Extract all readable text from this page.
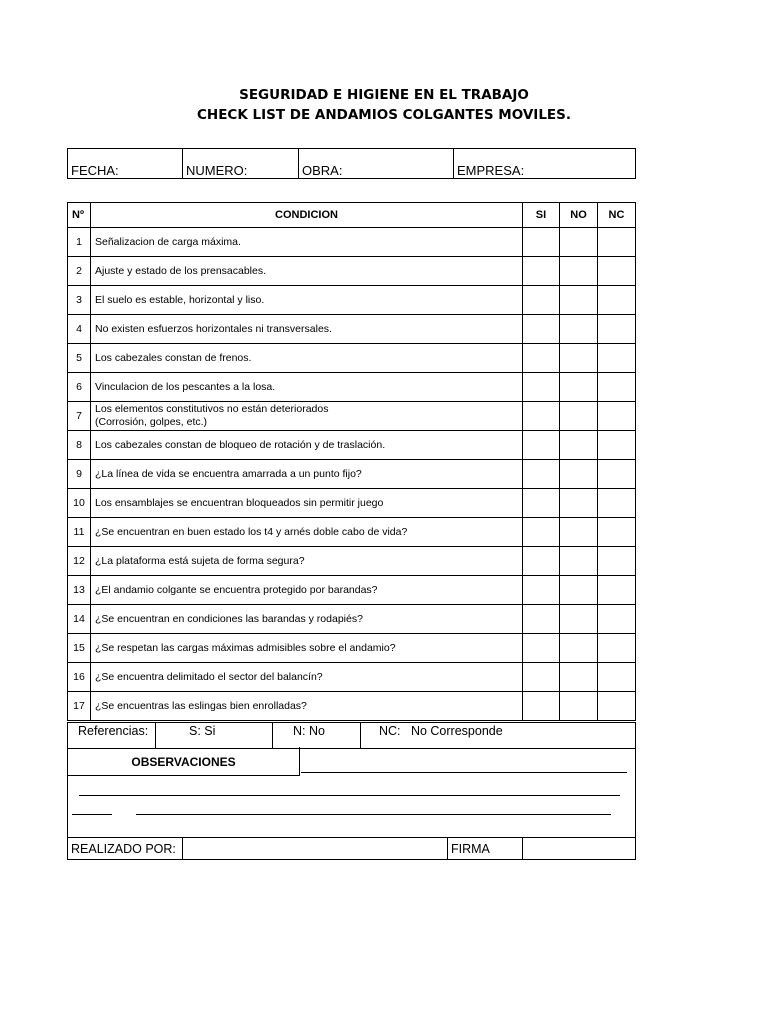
SEGURIDAD E HIGIENE EN EL TRABAJO
CHECK LIST DE ANDAMIOS COLGANTES MOVILES.
FECHA:	NUMERO:	OBRA:	EMPRESA:
Nº	CONDICION	SI	NO	NC
1	Señalizacion de carga máxima.			

2	Ajuste y estado de los prensacables.			

3	El suelo es estable, horizontal y liso.			

4	No existen esfuerzos horizontales ni transversales.			

5	Los cabezales constan de frenos.			

6	Vinculacion de los pescantes a la losa.			

7	Los elementos constitutivos no están deteriorados
(Corrosión, golpes, etc.)			

8	Los cabezales constan de bloqueo de rotación y de traslación.			

9	¿La línea de vida se encuentra amarrada a un punto fijo?			

10	Los ensamblajes se encuentran bloqueados sin permitir juego			

11	¿Se encuentran en buen estado los t4 y arnés doble cabo de vida?			

12	¿La plataforma está sujeta de forma segura?			

13	¿El andamio colgante se encuentra protegido por barandas?			

14	¿Se encuentran en condiciones las barandas y rodapiés?			

15	¿Se respetan las cargas máximas admisibles sobre el andamio?			

16	¿Se encuentra delimitado el sector del balancín?			

17	¿Se encuentras las eslingas bien enrolladas?			

Referencias:	S: Si	N: No	NC: No Corresponde
OBSERVACIONES
REALIZADO POR:		FIRMA	
